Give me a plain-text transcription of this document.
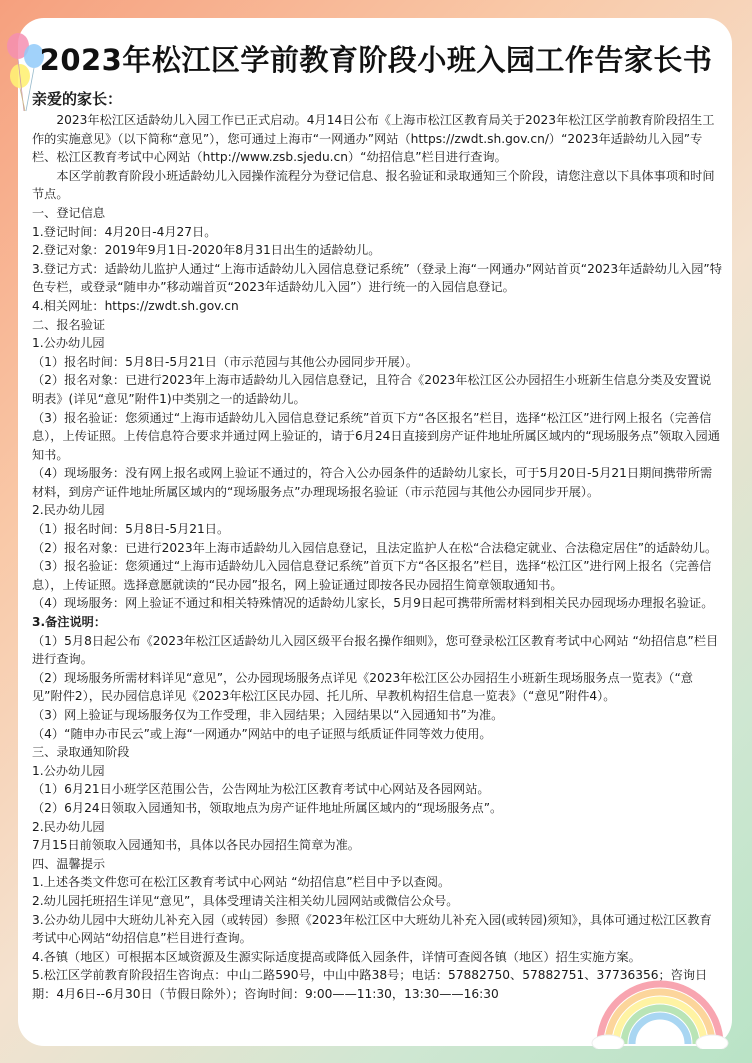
2023年松江区学前教育阶段小班入园工作告家长书
亲爱的家长：

2023年松江区适龄幼儿入园工作已正式启动。4月14日公布《上海市松江区教育局关于2023年松江区学前教育阶段招生工作的实施意见》（以下简称“意见”），您可通过上海市“一网通办”网站（https://zwdt.sh.gov.cn/）“2023年适龄幼儿入园”专栏、松江区教育考试中心网站（http://www.zsb.sjedu.cn）“幼招信息”栏目进行查询。

本区学前教育阶段小班适龄幼儿入园操作流程分为登记信息、报名验证和录取通知三个阶段，请您注意以下具体事项和时间节点。

一、登记信息

1.登记时间：4月20日-4月27日。

2.登记对象：2019年9月1日-2020年8月31日出生的适龄幼儿。

3.登记方式：适龄幼儿监护人通过“上海市适龄幼儿入园信息登记系统”（登录上海“一网通办”网站首页“2023年适龄幼儿入园”特色专栏，或登录“随申办”移动端首页“2023年适龄幼儿入园”）进行统一的入园信息登记。

4.相关网址：https://zwdt.sh.gov.cn

二、报名验证

1.公办幼儿园

（1）报名时间：5月8日-5月21日（市示范园与其他公办园同步开展）。

（2）报名对象：已进行2023年上海市适龄幼儿入园信息登记，且符合《2023年松江区公办园招生小班新生信息分类及安置说明表》(详见“意见”附件1)中类别之一的适龄幼儿。

（3）报名验证：您须通过“上海市适龄幼儿入园信息登记系统”首页下方“各区报名”栏目，选择“松江区”进行网上报名（完善信息），上传证照。上传信息符合要求并通过网上验证的，请于6月24日直接到房产证件地址所属区域内的“现场服务点”领取入园通知书。

（4）现场服务：没有网上报名或网上验证不通过的，符合入公办园条件的适龄幼儿家长，可于5月20日-5月21日期间携带所需材料，到房产证件地址所属区域内的“现场服务点”办理现场报名验证（市示范园与其他公办园同步开展）。

2.民办幼儿园

（1）报名时间：5月8日-5月21日。

（2）报名对象：已进行2023年上海市适龄幼儿入园信息登记，且法定监护人在松“合法稳定就业、合法稳定居住”的适龄幼儿。

（3）报名验证：您须通过“上海市适龄幼儿入园信息登记系统”首页下方“各区报名”栏目，选择“松江区”进行网上报名（完善信息），上传证照。选择意愿就读的“民办园”报名，网上验证通过即按各民办园招生简章领取通知书。

（4）现场服务：网上验证不通过和相关特殊情况的适龄幼儿家长，5月9日起可携带所需材料到相关民办园现场办理报名验证。

3.备注说明：

（1）5月8日起公布《2023年松江区适龄幼儿入园区级平台报名操作细则》，您可登录松江区教育考试中心网站 “幼招信息”栏目进行查询。

（2）现场服务所需材料详见“意见”，公办园现场服务点详见《2023年松江区公办园招生小班新生现场服务点一览表》（“意见”附件2），民办园信息详见《2023年松江区民办园、托儿所、早教机构招生信息一览表》（“意见”附件4）。

（3）网上验证与现场服务仅为工作受理，非入园结果；入园结果以“入园通知书”为准。

（4）“随申办市民云”或上海“一网通办”网站中的电子证照与纸质证件同等效力使用。

三、录取通知阶段

1.公办幼儿园

（1）6月21日小班学区范围公告，公告网址为松江区教育考试中心网站及各园网站。

（2）6月24日领取入园通知书，领取地点为房产证件地址所属区域内的“现场服务点”。

2.民办幼儿园

7月15日前领取入园通知书，具体以各民办园招生简章为准。

四、温馨提示

1.上述各类文件您可在松江区教育考试中心网站 “幼招信息”栏目中予以查阅。

2.幼儿园托班招生详见“意见”，具体受理请关注相关幼儿园网站或微信公众号。

3.公办幼儿园中大班幼儿补充入园（或转园）参照《2023年松江区中大班幼儿补充入园(或转园)须知》，具体可通过松江区教育考试中心网站“幼招信息”栏目进行查询。

4.各镇（地区）可根据本区域资源及生源实际适度提高或降低入园条件，详情可查阅各镇（地区）招生实施方案。

5.松江区学前教育阶段招生咨询点：中山二路590号，中山中路38号；电话：57882750、57882751、37736356；咨询日期：4月6日--6月30日（节假日除外）；咨询时间：9:00——11:30，13:30——16:30
